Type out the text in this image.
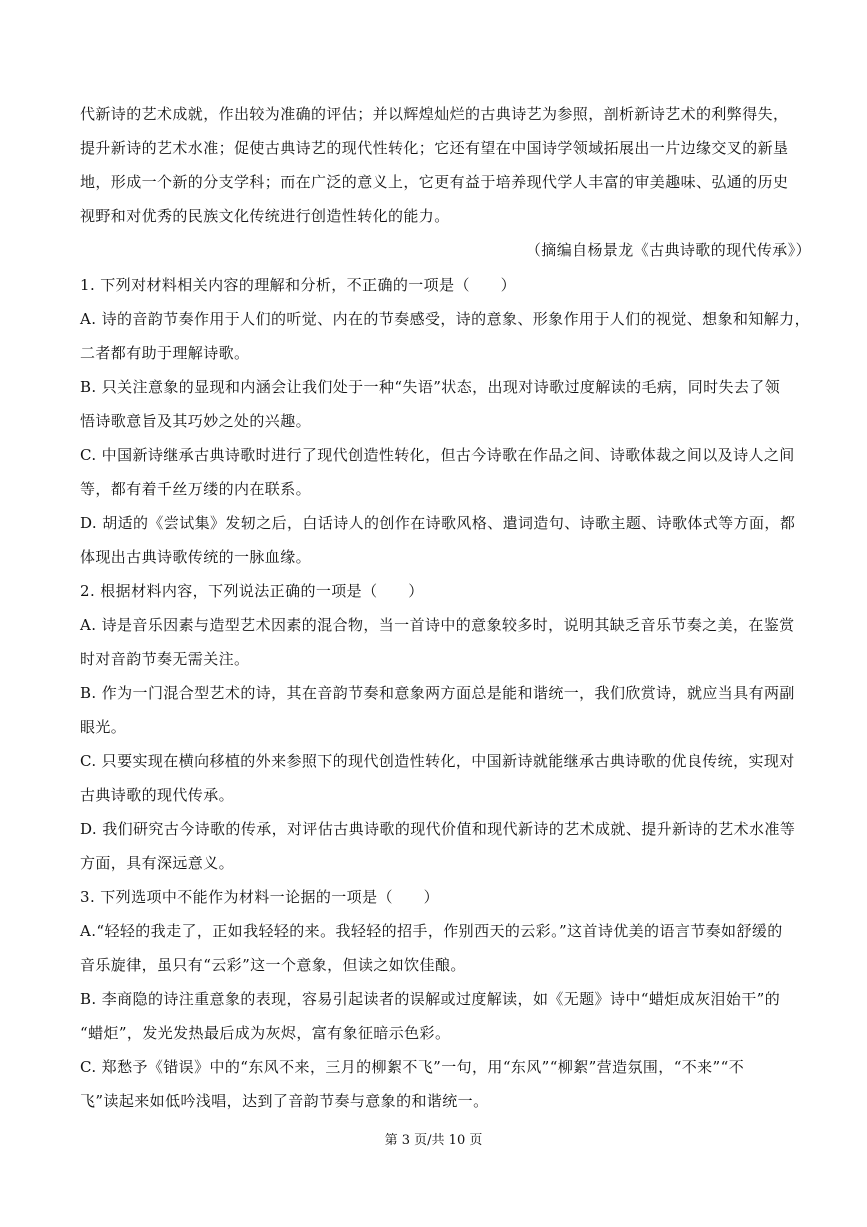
代新诗的艺术成就，作出较为准确的评估；并以辉煌灿烂的古典诗艺为参照，剖析新诗艺术的利弊得失，
提升新诗的艺术水准；促使古典诗艺的现代性转化；它还有望在中国诗学领域拓展出一片边缘交叉的新垦
地，形成一个新的分支学科；而在广泛的意义上，它更有益于培养现代学人丰富的审美趣味、弘通的历史
视野和对优秀的民族文化传统进行创造性转化的能力。
（摘编自杨景龙《古典诗歌的现代传承》）
1. 下列对材料相关内容的理解和分析，不正确的一项是（　　）
A. 诗的音韵节奏作用于人们的听觉、内在的节奏感受，诗的意象、形象作用于人们的视觉、想象和知解力，
二者都有助于理解诗歌。
B. 只关注意象的显现和内涵会让我们处于一种“失语”状态，出现对诗歌过度解读的毛病，同时失去了领
悟诗歌意旨及其巧妙之处的兴趣。
C. 中国新诗继承古典诗歌时进行了现代创造性转化，但古今诗歌在作品之间、诗歌体裁之间以及诗人之间
等，都有着千丝万缕的内在联系。
D. 胡适的《尝试集》发轫之后，白话诗人的创作在诗歌风格、遣词造句、诗歌主题、诗歌体式等方面，都
体现出古典诗歌传统的一脉血缘。
2. 根据材料内容，下列说法正确的一项是（　　）
A. 诗是音乐因素与造型艺术因素的混合物，当一首诗中的意象较多时，说明其缺乏音乐节奏之美，在鉴赏
时对音韵节奏无需关注。
B. 作为一门混合型艺术的诗，其在音韵节奏和意象两方面总是能和谐统一，我们欣赏诗，就应当具有两副
眼光。
C. 只要实现在横向移植的外来参照下的现代创造性转化，中国新诗就能继承古典诗歌的优良传统，实现对
古典诗歌的现代传承。
D. 我们研究古今诗歌的传承，对评估古典诗歌的现代价值和现代新诗的艺术成就、提升新诗的艺术水准等
方面，具有深远意义。
3. 下列选项中不能作为材料一论据的一项是（　　）
A.“轻轻的我走了，正如我轻轻的来。我轻轻的招手，作别西天的云彩。”这首诗优美的语言节奏如舒缓的
音乐旋律，虽只有“云彩”这一个意象，但读之如饮佳酿。
B. 李商隐的诗注重意象的表现，容易引起读者的误解或过度解读，如《无题》诗中“蜡炬成灰泪始干”的
“蜡炬”，发光发热最后成为灰烬，富有象征暗示色彩。
C. 郑愁予《错误》中的“东风不来，三月的柳絮不飞”一句，用“东风”“柳絮”营造氛围，“不来”“不
飞”读起来如低吟浅唱，达到了音韵节奏与意象的和谐统一。
第 3 页/共 10 页
